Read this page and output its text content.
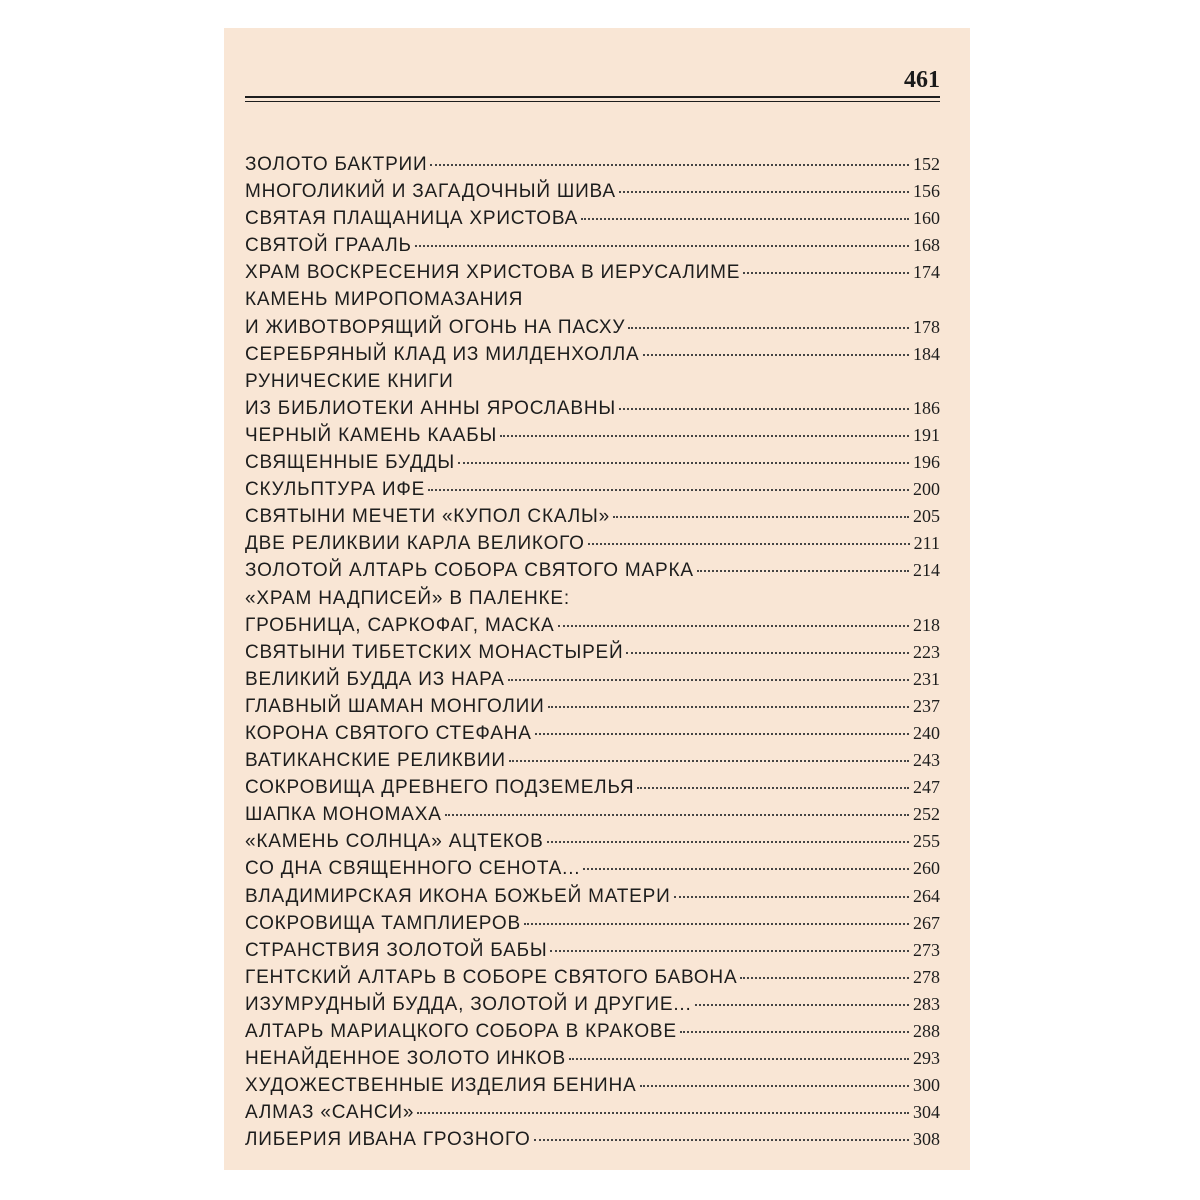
461
ЗОЛОТО БАКТРИИ	152
МНОГОЛИКИЙ И ЗАГАДОЧНЫЙ ШИВА	156
СВЯТАЯ ПЛАЩАНИЦА ХРИСТОВА	160
СВЯТОЙ ГРААЛЬ	168
ХРАМ ВОСКРЕСЕНИЯ ХРИСТОВА В ИЕРУСАЛИМЕ	174
КАМЕНЬ МИРОПОМАЗАНИЯ
И ЖИВОТВОРЯЩИЙ ОГОНЬ НА ПАСХУ	178
СЕРЕБРЯНЫЙ КЛАД ИЗ МИЛДЕНХОЛЛА	184
РУНИЧЕСКИЕ КНИГИ
ИЗ БИБЛИОТЕКИ АННЫ ЯРОСЛАВНЫ	186
ЧЕРНЫЙ КАМЕНЬ КААБЫ	191
СВЯЩЕННЫЕ БУДДЫ	196
СКУЛЬПТУРА ИФЕ	200
СВЯТЫНИ МЕЧЕТИ «КУПОЛ СКАЛЫ»	205
ДВЕ РЕЛИКВИИ КАРЛА ВЕЛИКОГО	211
ЗОЛОТОЙ АЛТАРЬ СОБОРА СВЯТОГО МАРКА	214
«ХРАМ НАДПИСЕЙ» В ПАЛЕНКЕ:
ГРОБНИЦА, САРКОФАГ, МАСКА	218
СВЯТЫНИ ТИБЕТСКИХ МОНАСТЫРЕЙ	223
ВЕЛИКИЙ БУДДА ИЗ НАРА	231
ГЛАВНЫЙ ШАМАН МОНГОЛИИ	237
КОРОНА СВЯТОГО СТЕФАНА	240
ВАТИКАНСКИЕ РЕЛИКВИИ	243
СОКРОВИЩА ДРЕВНЕГО ПОДЗЕМЕЛЬЯ	247
ШАПКА МОНОМАХА	252
«КАМЕНЬ СОЛНЦА» АЦТЕКОВ	255
СО ДНА СВЯЩЕННОГО СЕНОТА...	260
ВЛАДИМИРСКАЯ ИКОНА БОЖЬЕЙ МАТЕРИ	264
СОКРОВИЩА ТАМПЛИЕРОВ	267
СТРАНСТВИЯ ЗОЛОТОЙ БАБЫ	273
ГЕНТСКИЙ АЛТАРЬ В СОБОРЕ СВЯТОГО БАВОНА	278
ИЗУМРУДНЫЙ БУДДА, ЗОЛОТОЙ И ДРУГИЕ...	283
АЛТАРЬ МАРИАЦКОГО СОБОРА В КРАКОВЕ	288
НЕНАЙДЕННОЕ ЗОЛОТО ИНКОВ	293
ХУДОЖЕСТВЕННЫЕ ИЗДЕЛИЯ БЕНИНА	300
АЛМАЗ «САНСИ»	304
ЛИБЕРИЯ ИВАНА ГРОЗНОГО	308
